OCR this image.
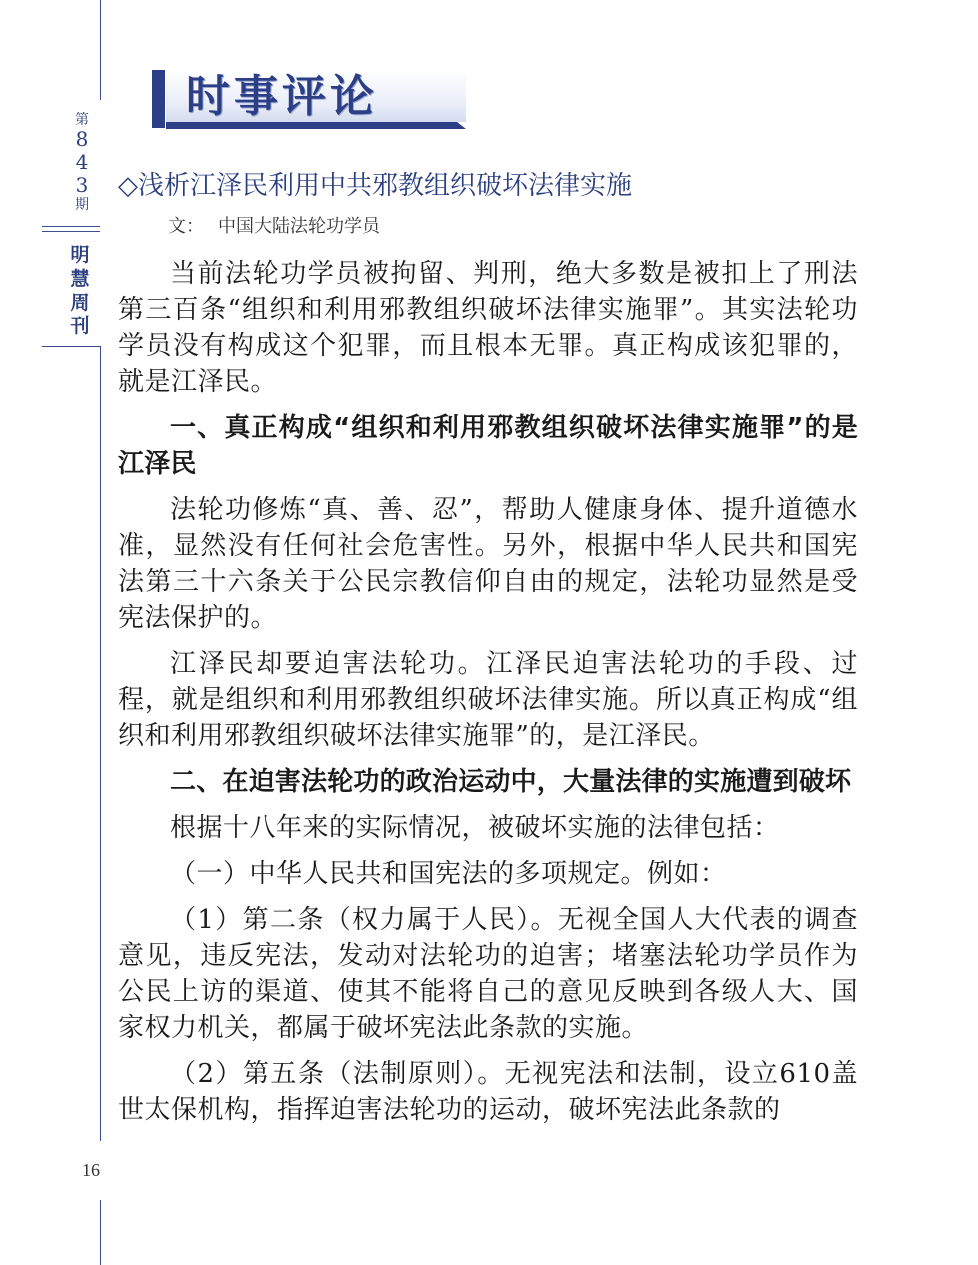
第
8
4
3
期
明
慧
周
刊
16
时事评论
◇浅析江泽民利用中共邪教组织破坏法律实施
文： 中国大陆法轮功学员

当前法轮功学员被拘留、判刑，绝大多数是被扣上了刑法第三百条“组织和利用邪教组织破坏法律实施罪”。其实法轮功学员没有构成这个犯罪，而且根本无罪。真正构成该犯罪的，就是江泽民。

一、真正构成“组织和利用邪教组织破坏法律实施罪”的是江泽民

法轮功修炼“真、善、忍”，帮助人健康身体、提升道德水准，显然没有任何社会危害性。另外，根据中华人民共和国宪法第三十六条关于公民宗教信仰自由的规定，法轮功显然是受宪法保护的。

江泽民却要迫害法轮功。江泽民迫害法轮功的手段、过程，就是组织和利用邪教组织破坏法律实施。所以真正构成“组织和利用邪教组织破坏法律实施罪”的，是江泽民。

二、在迫害法轮功的政治运动中，大量法律的实施遭到破坏

根据十八年来的实际情况，被破坏实施的法律包括：

（一）中华人民共和国宪法的多项规定。例如：

（1）第二条（权力属于人民）。无视全国人大代表的调查意见，违反宪法，发动对法轮功的迫害；堵塞法轮功学员作为公民上访的渠道、使其不能将自己的意见反映到各级人大、国家权力机关，都属于破坏宪法此条款的实施。

（2）第五条（法制原则）。无视宪法和法制，设立610盖世太保机构，指挥迫害法轮功的运动，破坏宪法此条款的
